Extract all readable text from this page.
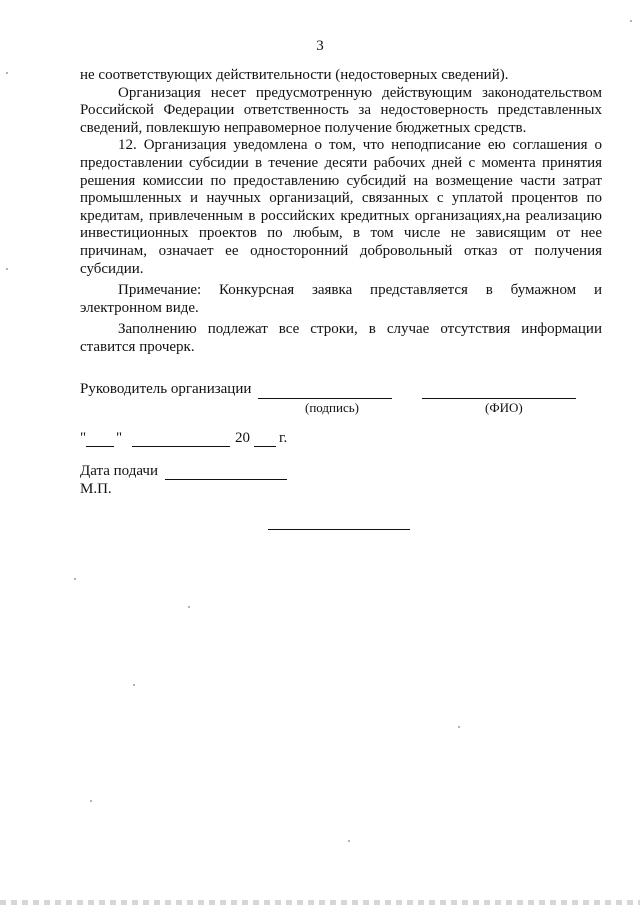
3

не соответствующих действительности (недостоверных сведений).

Организация несет предусмотренную действующим законодательством Российской Федерации ответственность за недостоверность представленных сведений, повлекшую неправомерное получение бюджетных средств.

12. Организация уведомлена о том, что неподписание ею соглашения о предоставлении субсидии в течение десяти рабочих дней с момента принятия решения комиссии по предоставлению субсидий на возмещение части затрат промышленных и научных организаций, связанных с уплатой процентов по кредитам, привлеченным в российских кредитных организациях,на реализацию инвестиционных проектов по любым, в том числе не зависящим от нее причинам, означает ее односторонний добровольный отказ от получения субсидии.

Примечание: Конкурсная заявка представляется в бумажном и электронном виде.

Заполнению подлежат все строки, в случае отсутствия информации ставится прочерк.

Руководитель организации
(подпись)	(ФИО)
" "	20 г.
Дата подачи
М.П.
